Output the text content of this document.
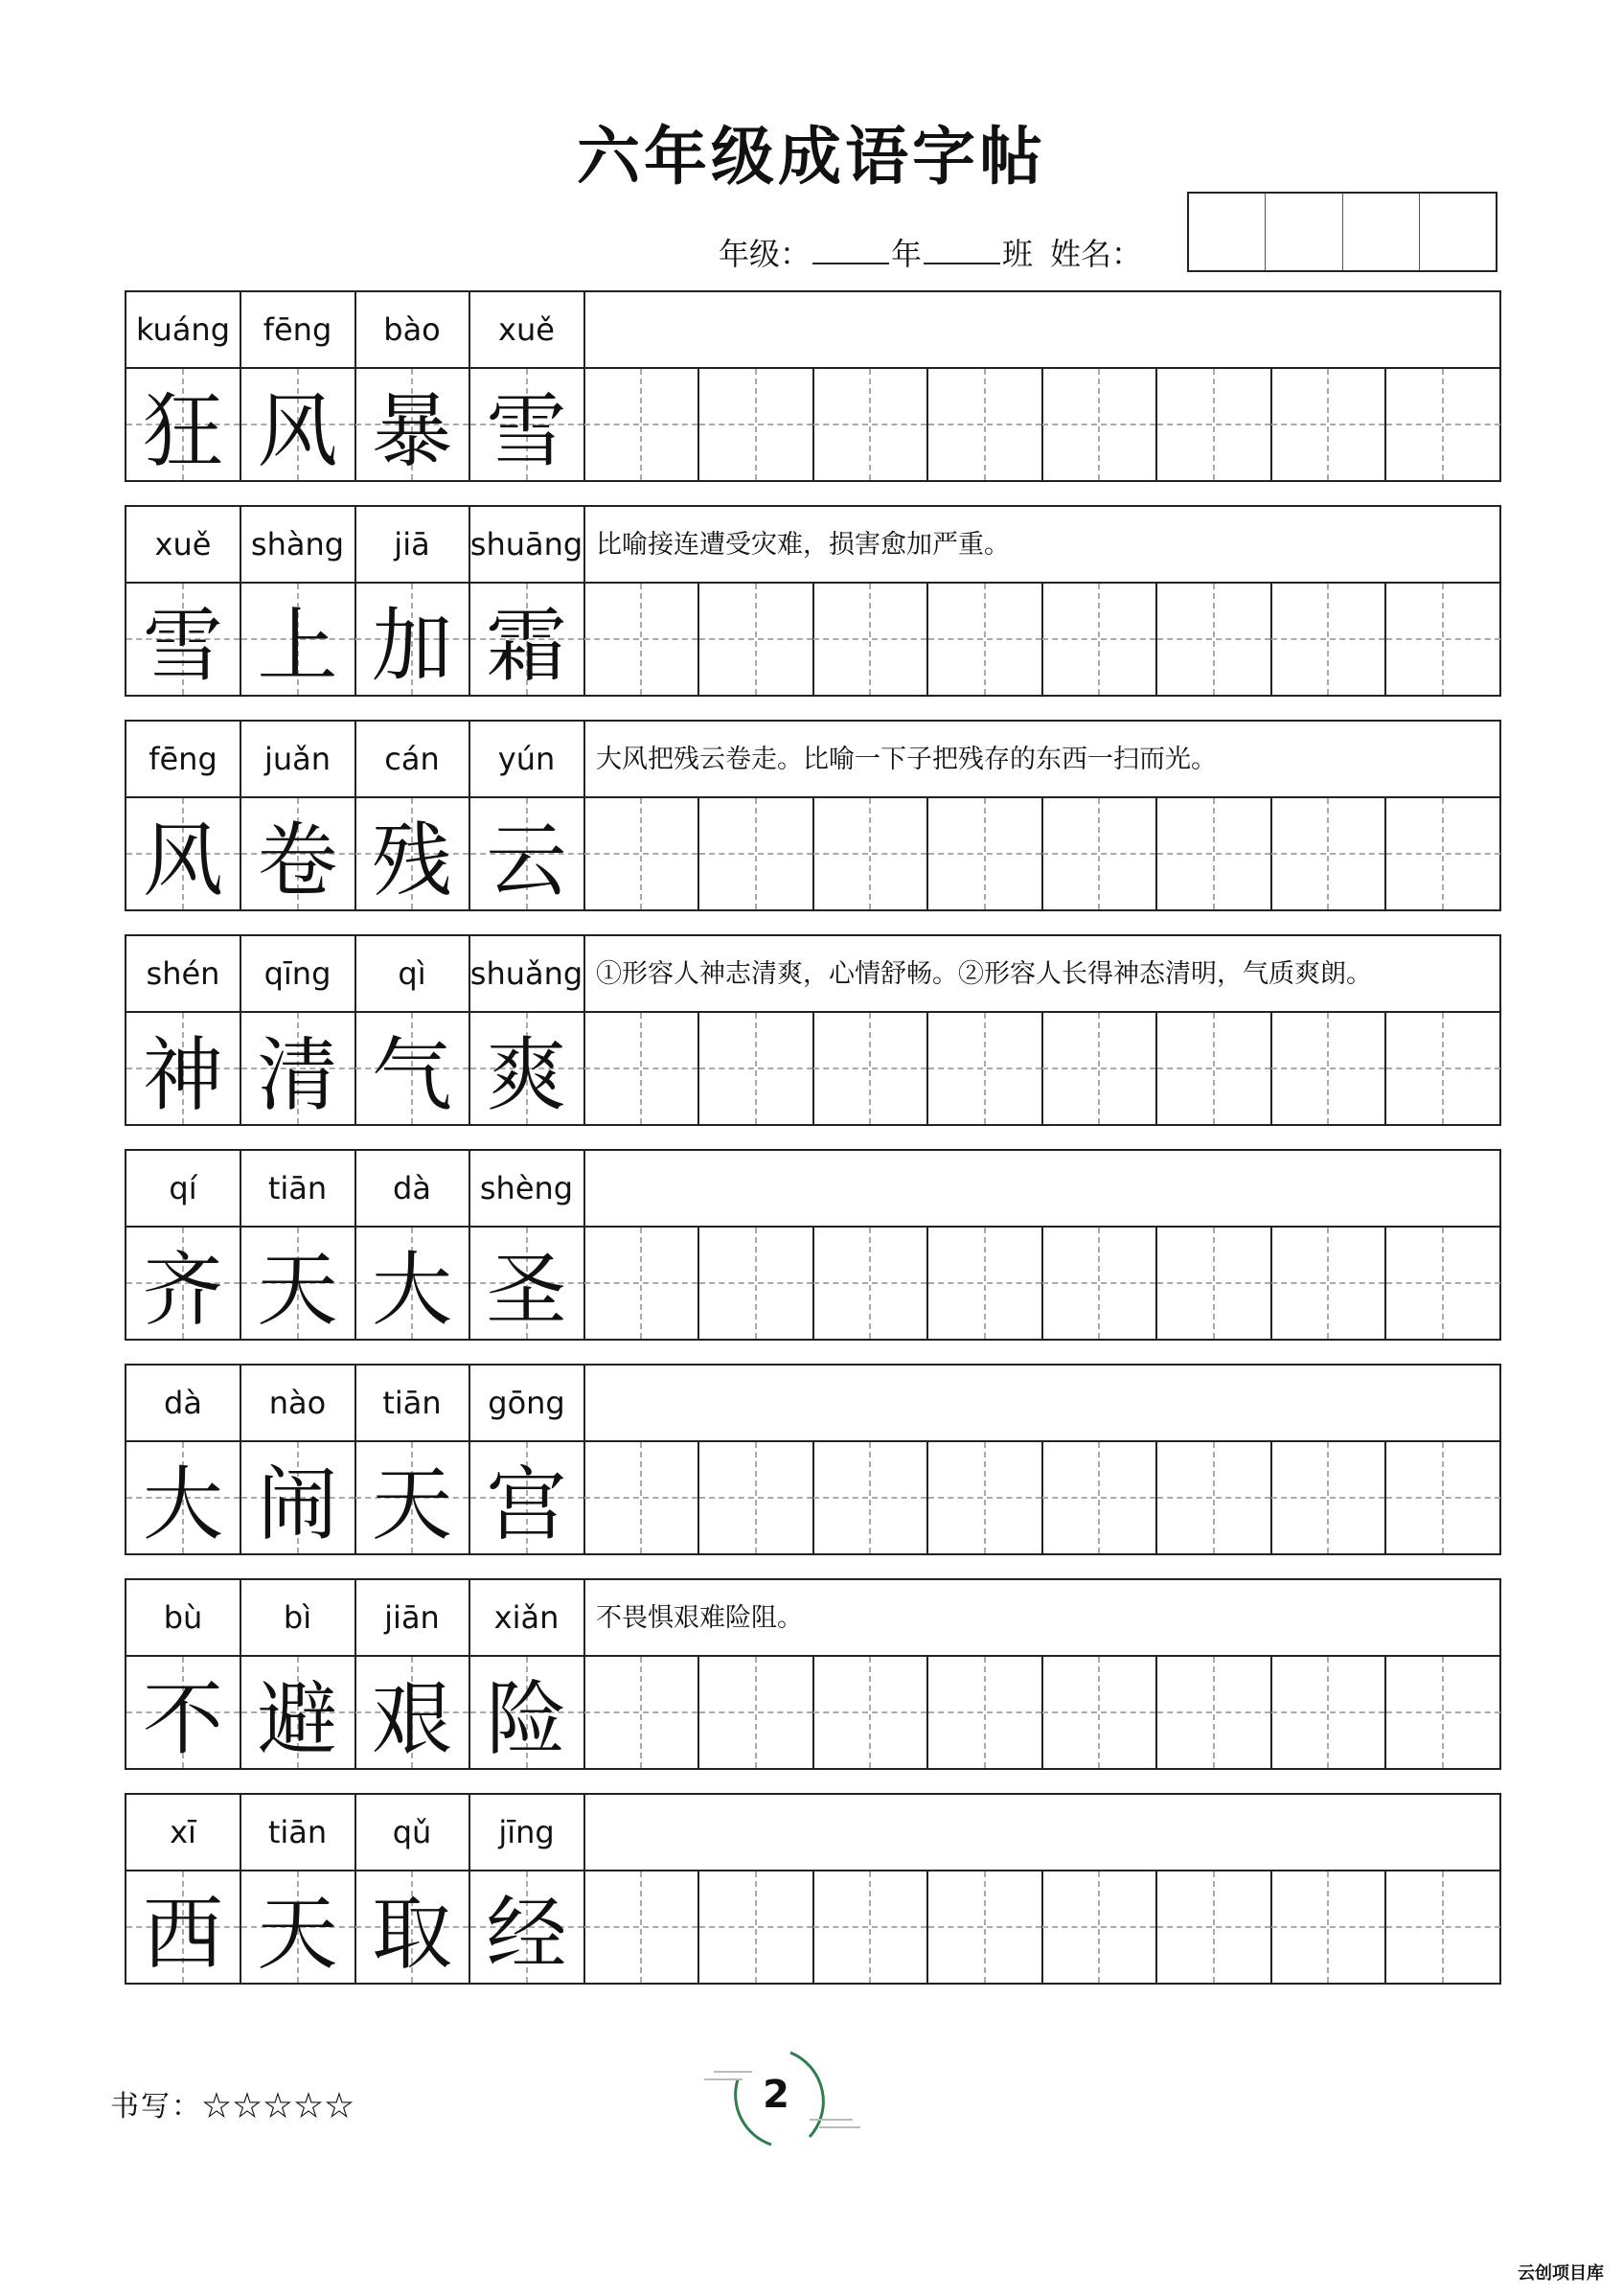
六年级成语字帖
年级：	年	班 姓名：
kuáng	fēng	bào	xuě
狂 风 暴 雪
xuě	shàng	jiā	shuāng 比喻接连遭受灾难，损害愈加严重。
雪 上 加 霜
fēng	juǎn	cán	yún	大风把残云卷走。比喻一下子把残存的东西一扫而光。
风 卷 残 云
shén	qīng	qì	shuǎng ①形容人神志清爽，心情舒畅。②形容人长得神态清明，气质爽朗。
神 清 气 爽
qí	tiān	dà	shèng
齐 天 大 圣
dà	nào	tiān	gōng
大 闹 天 宫
bù	bì	jiān	xiǎn	不畏惧艰难险阻。
不 避 艰 险
xī	tiān	qǔ	jīng
西 天 取 经
书写：☆☆☆☆☆	2
云创项目库
